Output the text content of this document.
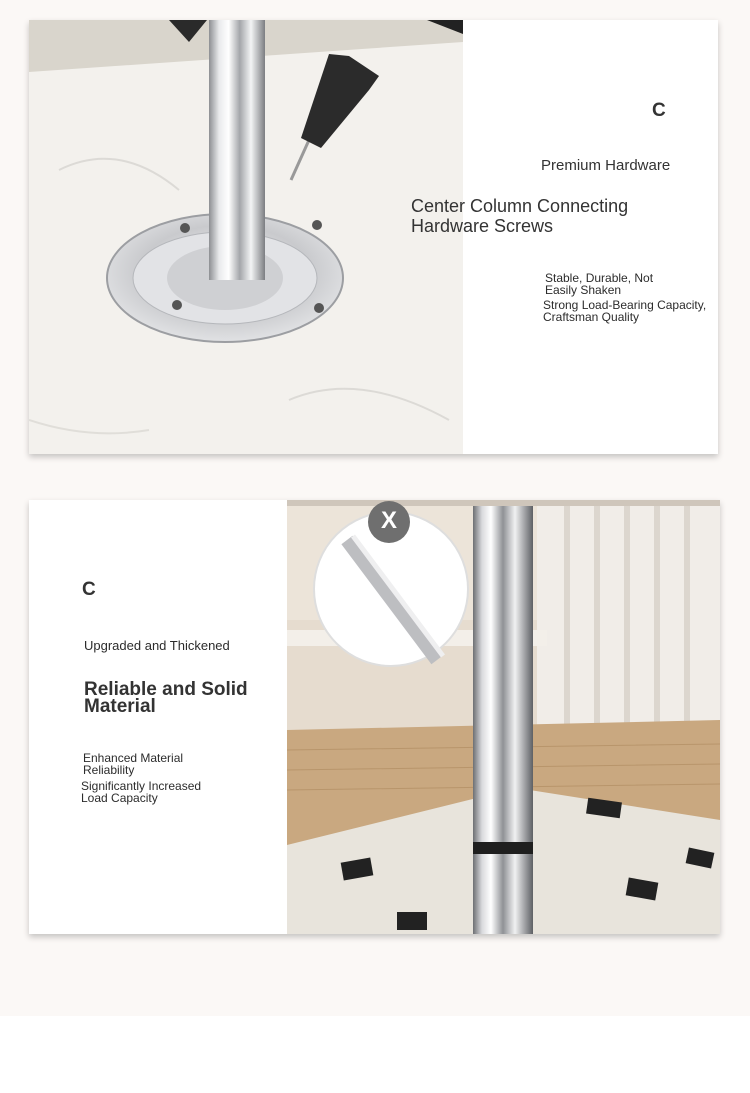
C
Premium Hardware
Center Column Connecting Hardware Screws
Stable, Durable, Not Easily Shaken
Strong Load-Bearing Capacity, Craftsman Quality
C
Upgraded and Thickened
Reliable and Solid Material
Enhanced Material Reliability
Significantly Increased Load Capacity
X
